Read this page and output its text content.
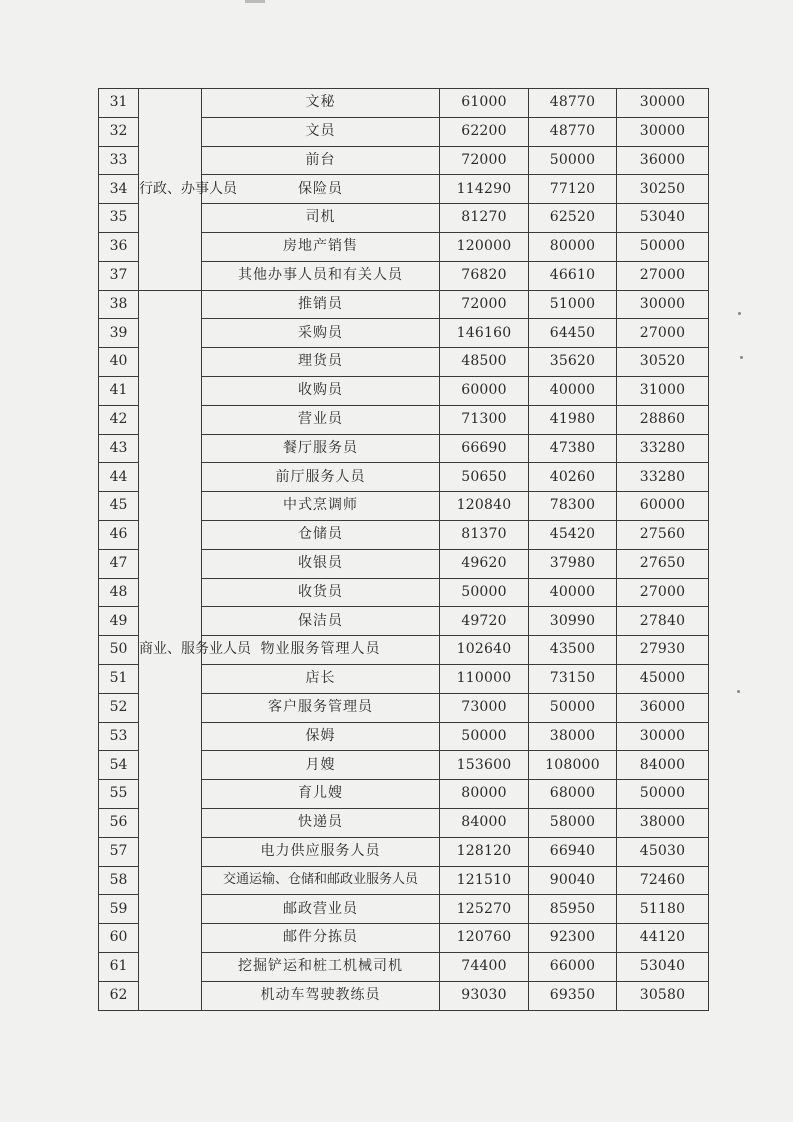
31	行政、办事人员	文秘	61000	48770	30000
32		文员	62200	48770	30000
33		前台	72000	50000	36000
34		保险员	114290	77120	30250
35		司机	81270	62520	53040
36		房地产销售	120000	80000	50000
37		其他办事人员和有关人员	76820	46610	27000
38	商业、服务业人员	推销员	72000	51000	30000
39		采购员	146160	64450	27000
40		理货员	48500	35620	30520
41		收购员	60000	40000	31000
42		营业员	71300	41980	28860
43		餐厅服务员	66690	47380	33280
44		前厅服务人员	50650	40260	33280
45		中式烹调师	120840	78300	60000
46		仓储员	81370	45420	27560
47		收银员	49620	37980	27650
48		收货员	50000	40000	27000
49		保洁员	49720	30990	27840
50		物业服务管理人员	102640	43500	27930
51		店长	110000	73150	45000
52		客户服务管理员	73000	50000	36000
53		保姆	50000	38000	30000
54		月嫂	153600	108000	84000
55		育儿嫂	80000	68000	50000
56		快递员	84000	58000	38000
57		电力供应服务人员	128120	66940	45030
58		交通运输、仓储和邮政业服务人员	121510	90040	72460
59		邮政营业员	125270	85950	51180
60		邮件分拣员	120760	92300	44120
61		挖掘铲运和桩工机械司机	74400	66000	53040
62		机动车驾驶教练员	93030	69350	30580
